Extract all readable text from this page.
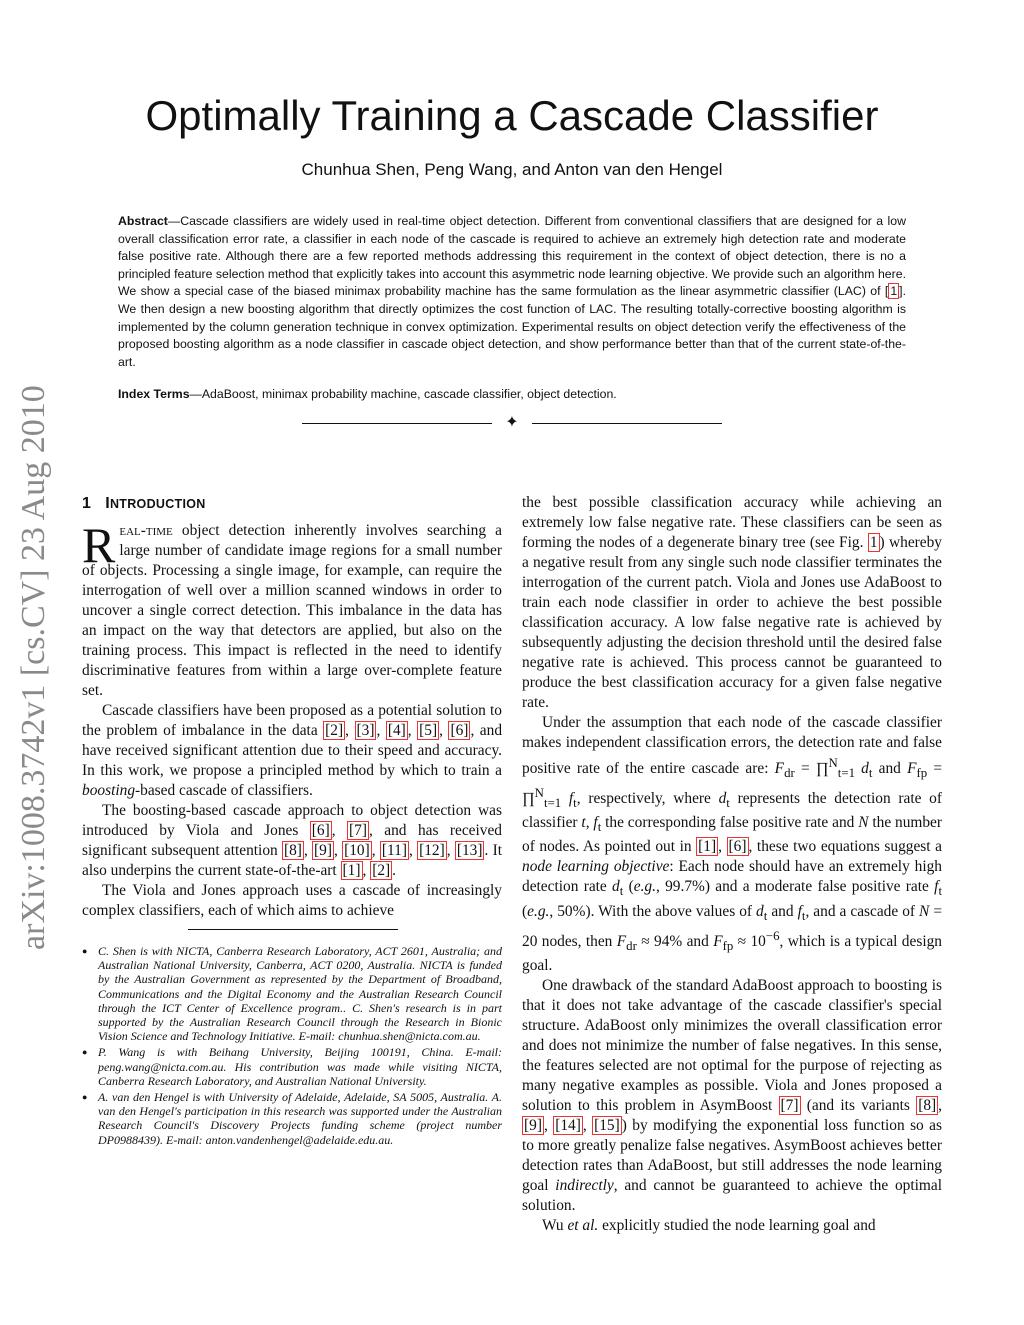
arXiv:1008.3742v1 [cs.CV] 23 Aug 2010
Optimally Training a Cascade Classifier
Chunhua Shen, Peng Wang, and Anton van den Hengel

Abstract—Cascade classifiers are widely used in real-time object detection. Different from conventional classifiers that are designed for a low overall classification error rate, a classifier in each node of the cascade is required to achieve an extremely high detection rate and moderate false positive rate. Although there are a few reported methods addressing this requirement in the context of object detection, there is no a principled feature selection method that explicitly takes into account this asymmetric node learning objective. We provide such an algorithm here. We show a special case of the biased minimax probability machine has the same formulation as the linear asymmetric classifier (LAC) of [ 1 ]. We then design a new boosting algorithm that directly optimizes the cost function of LAC. The resulting totally-corrective boosting algorithm is implemented by the column generation technique in convex optimization. Experimental results on object detection verify the effectiveness of the proposed boosting algorithm as a node classifier in cascade object detection, and show performance better than that of the current state-of-the-art.

Index Terms—AdaBoost, minimax probability machine, cascade classifier, object detection.

✦
1 INTRODUCTION

Real-time object detection inherently involves searching a large number of candidate image regions for a small number of objects. Processing a single image, for example, can require the interrogation of well over a million scanned windows in order to uncover a single correct detection. This imbalance in the data has an impact on the way that detectors are applied, but also on the training process. This impact is reflected in the need to identify discriminative features from within a large over-complete feature set.

Cascade classifiers have been proposed as a potential solution to the problem of imbalance in the data [2] , [3] , [4] , [5] , [6] , and have received significant attention due to their speed and accuracy. In this work, we propose a principled method by which to train a boosting-based cascade of classifiers.

The boosting-based cascade approach to object detection was introduced by Viola and Jones [6] , [7] , and has received significant subsequent attention [8] , [9] , [10] , [11] , [12] , [13] . It also underpins the current state-of-the-art [1] , [2] .

The Viola and Jones approach uses a cascade of increasingly complex classifiers, each of which aims to achieve

● C. Shen is with NICTA, Canberra Research Laboratory, ACT 2601, Australia; and Australian National University, Canberra, ACT 0200, Australia. NICTA is funded by the Australian Government as represented by the Department of Broadband, Communications and the Digital Economy and the Australian Research Council through the ICT Center of Excellence program.. C. Shen's research is in part supported by the Australian Research Council through the Research in Bionic Vision Science and Technology Initiative. E-mail: chunhua.shen@nicta.com.au.
● P. Wang is with Beihang University, Beijing 100191, China. E-mail: peng.wang@nicta.com.au. His contribution was made while visiting NICTA, Canberra Research Laboratory, and Australian National University.
● A. van den Hengel is with University of Adelaide, Adelaide, SA 5005, Australia. A. van den Hengel's participation in this research was supported under the Australian Research Council's Discovery Projects funding scheme (project number DP0988439). E-mail: anton.vandenhengel@adelaide.edu.au.

the best possible classification accuracy while achieving an extremely low false negative rate. These classifiers can be seen as forming the nodes of a degenerate binary tree (see Fig. 1 ) whereby a negative result from any single such node classifier terminates the interrogation of the current patch. Viola and Jones use AdaBoost to train each node classifier in order to achieve the best possible classification accuracy. A low false negative rate is achieved by subsequently adjusting the decision threshold until the desired false negative rate is achieved. This process cannot be guaranteed to produce the best classification accuracy for a given false negative rate.

Under the assumption that each node of the cascade classifier makes independent classification errors, the detection rate and false positive rate of the entire cascade are: $F_{dr}$ = ∏$^N_{t=1}$ $d_t$ and $F_{fp}$ = ∏$^N_{t=1}$ $f_t$, respectively, where $d_t$ represents the detection rate of classifier t, $f_t$ the corresponding false positive rate and N the number of nodes. As pointed out in [1] , [6] , these two equations suggest a node learning objective: Each node should have an extremely high detection rate $d_t$ (e.g., 99.7%) and a moderate false positive rate $f_t$ (e.g., 50%). With the above values of $d_t$ and $f_t$, and a cascade of N = 20 nodes, then $F_{dr} \approx 94\%$ and $F_{fp} \approx 10^{-6}$, which is a typical design goal.

One drawback of the standard AdaBoost approach to boosting is that it does not take advantage of the cascade classifier's special structure. AdaBoost only minimizes the overall classification error and does not minimize the number of false negatives. In this sense, the features selected are not optimal for the purpose of rejecting as many negative examples as possible. Viola and Jones proposed a solution to this problem in AsymBoost [7] (and its variants [8] , [9] , [14] , [15] ) by modifying the exponential loss function so as to more greatly penalize false negatives. AsymBoost achieves better detection rates than AdaBoost, but still addresses the node learning goal indirectly, and cannot be guaranteed to achieve the optimal solution.

Wu et al. explicitly studied the node learning goal and
